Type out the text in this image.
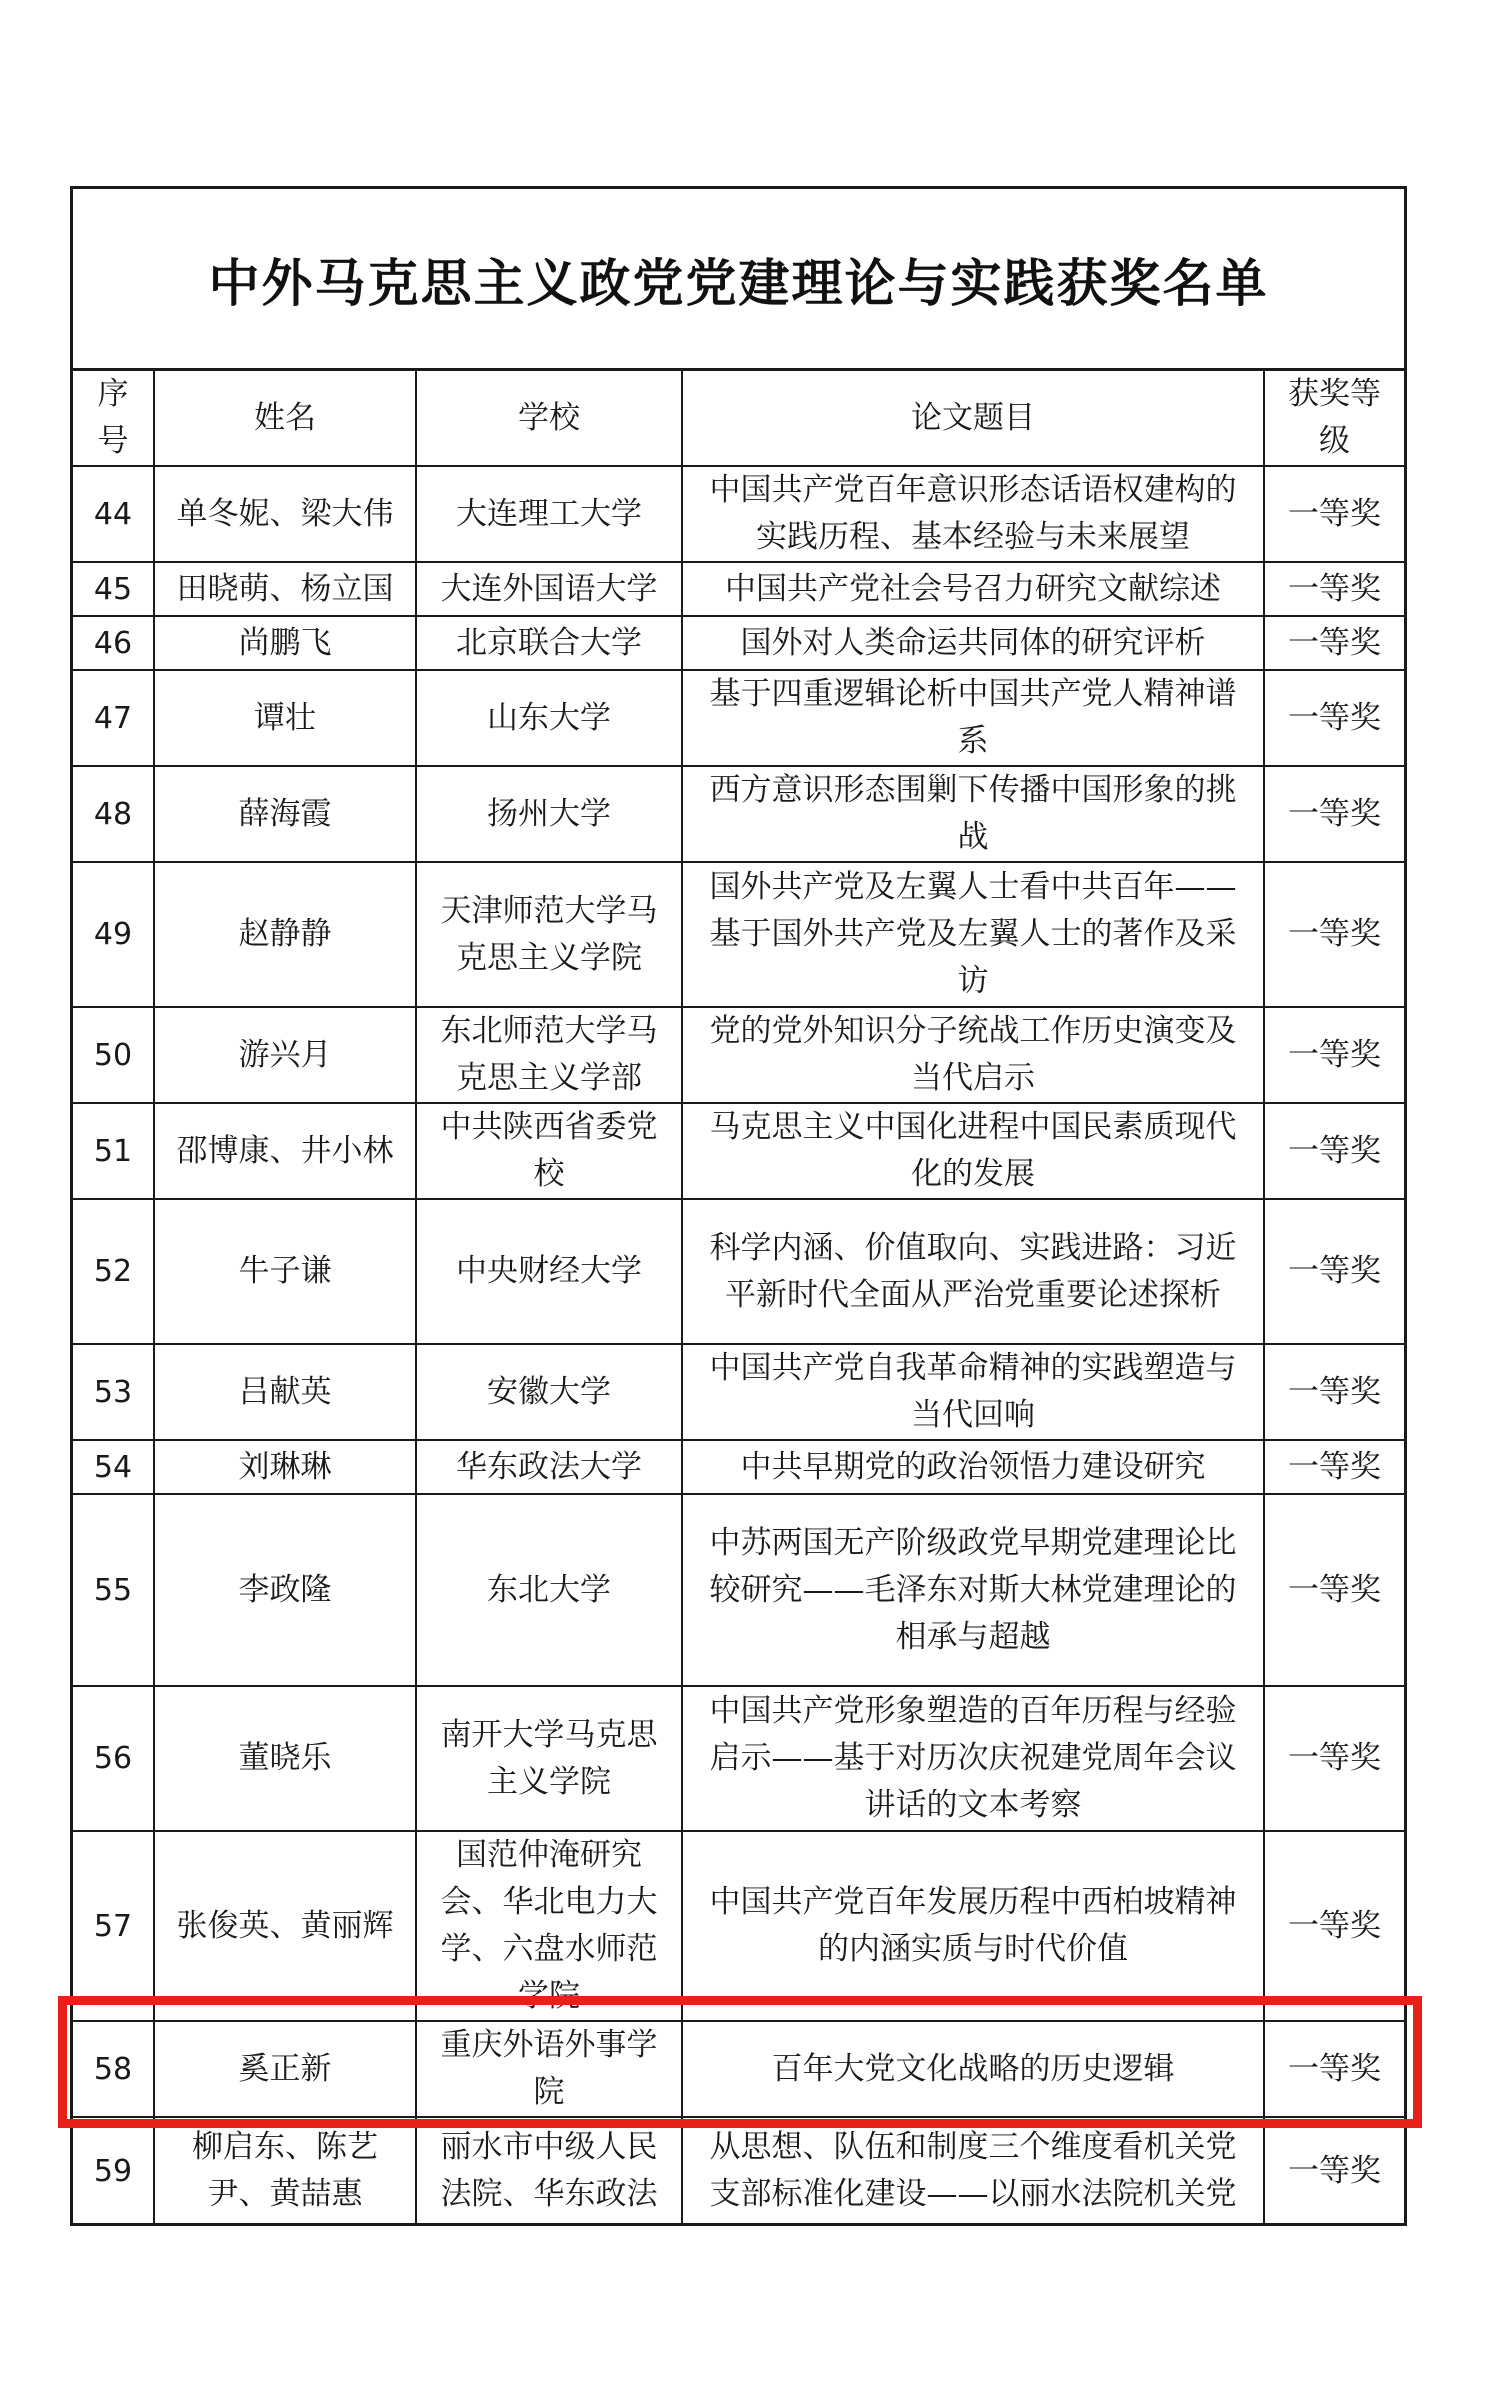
中外马克思主义政党党建理论与实践获奖名单
序号	姓名	学校	论文题目	获奖等级
44	单冬妮、梁大伟	大连理工大学	中国共产党百年意识形态话语权建构的实践历程、基本经验与未来展望	一等奖
45	田晓萌、杨立国	大连外国语大学	中国共产党社会号召力研究文献综述	一等奖
46	尚鹏飞	北京联合大学	国外对人类命运共同体的研究评析	一等奖
47	谭壮	山东大学	基于四重逻辑论析中国共产党人精神谱系	一等奖
48	薛海霞	扬州大学	西方意识形态围剿下传播中国形象的挑战	一等奖
49	赵静静	天津师范大学马克思主义学院	国外共产党及左翼人士看中共百年——基于国外共产党及左翼人士的著作及采访	一等奖
50	游兴月	东北师范大学马克思主义学部	党的党外知识分子统战工作历史演变及当代启示	一等奖
51	邵博康、井小林	中共陕西省委党校	马克思主义中国化进程中国民素质现代化的发展	一等奖
52	牛子谦	中央财经大学	科学内涵、价值取向、实践进路：习近平新时代全面从严治党重要论述探析	一等奖
53	吕献英	安徽大学	中国共产党自我革命精神的实践塑造与当代回响	一等奖
54	刘琳琳	华东政法大学	中共早期党的政治领悟力建设研究	一等奖
55	李政隆	东北大学	中苏两国无产阶级政党早期党建理论比较研究——毛泽东对斯大林党建理论的相承与超越	一等奖
56	董晓乐	南开大学马克思主义学院	中国共产党形象塑造的百年历程与经验启示——基于对历次庆祝建党周年会议讲话的文本考察	一等奖
57	张俊英、黄丽辉	国范仲淹研究会、华北电力大学、六盘水师范学院	中国共产党百年发展历程中西柏坡精神的内涵实质与时代价值	一等奖
58	奚正新	重庆外语外事学院	百年大党文化战略的历史逻辑	一等奖
59	柳启东、陈艺尹、黄喆惠	丽水市中级人民法院、华东政法	从思想、队伍和制度三个维度看机关党支部标准化建设——以丽水法院机关党	一等奖
